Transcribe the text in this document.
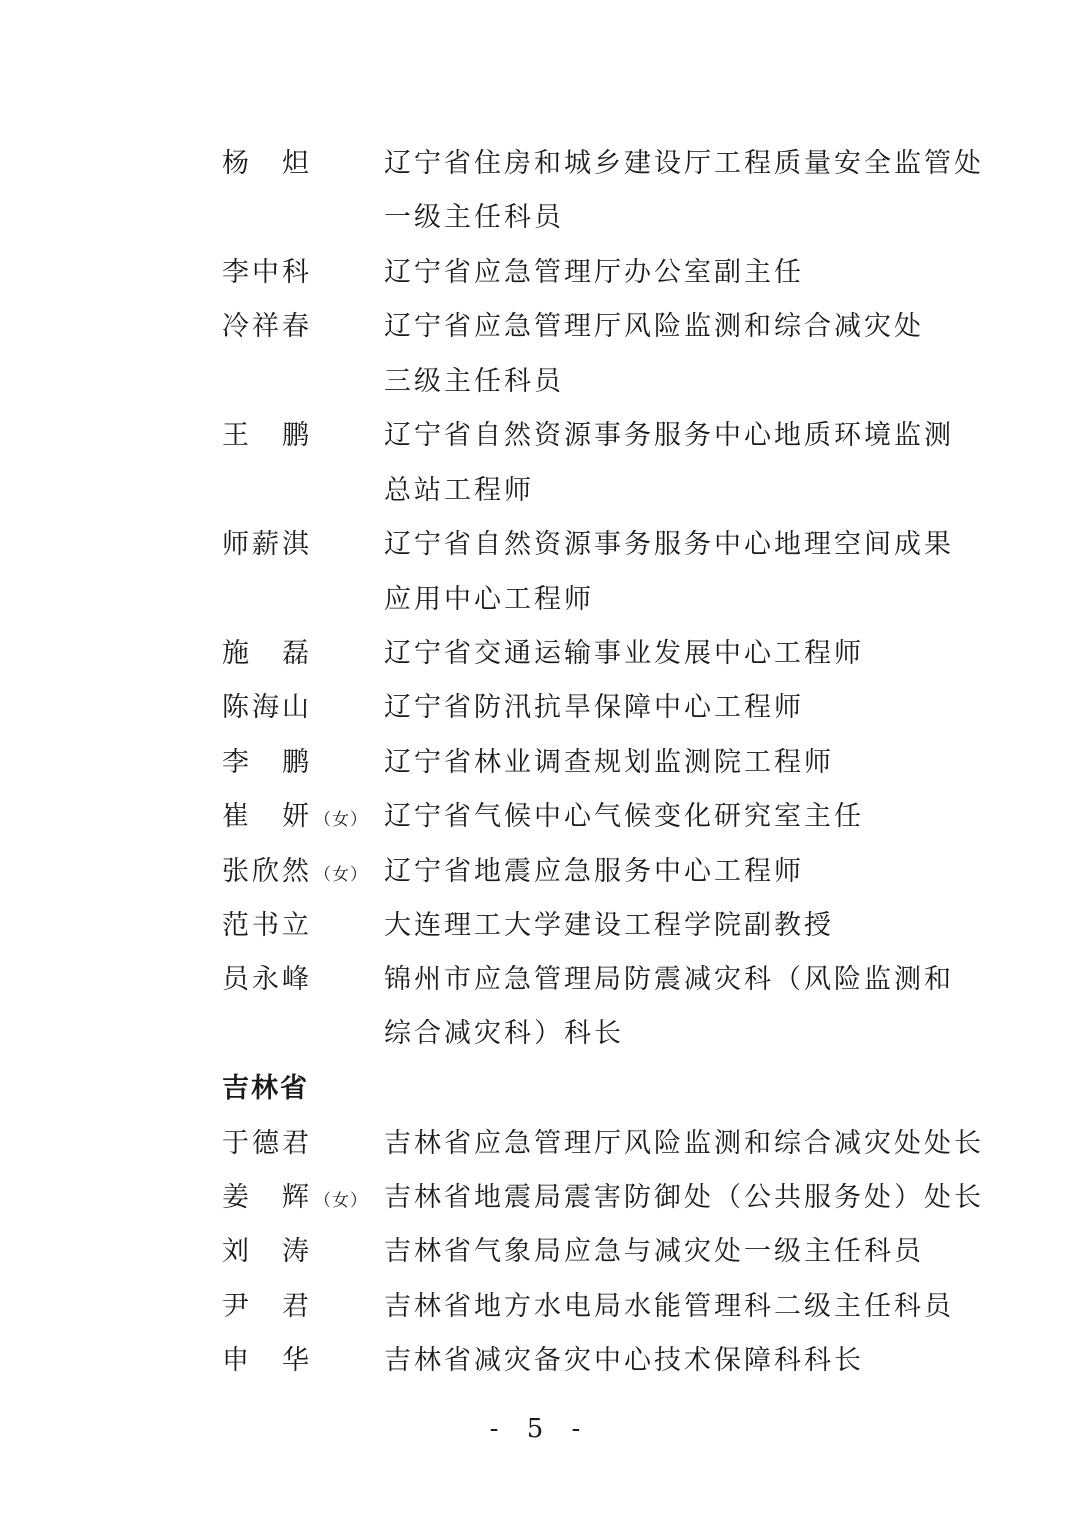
杨　炟	辽宁省住房和城乡建设厅工程质量安全监管处
一级主任科员
李中科	辽宁省应急管理厅办公室副主任
冷祥春	辽宁省应急管理厅风险监测和综合减灾处
三级主任科员
王　鹏	辽宁省自然资源事务服务中心地质环境监测
总站工程师
师薪淇	辽宁省自然资源事务服务中心地理空间成果
应用中心工程师
施　磊	辽宁省交通运输事业发展中心工程师
陈海山	辽宁省防汛抗旱保障中心工程师
李　鹏	辽宁省林业调查规划监测院工程师
崔　妍 （女） 辽宁省气候中心气候变化研究室主任
张欣然 （女） 辽宁省地震应急服务中心工程师
范书立	大连理工大学建设工程学院副教授
员永峰	锦州市应急管理局防震减灾科（风险监测和
综合减灾科）科长
吉林省
于德君	吉林省应急管理厅风险监测和综合减灾处处长
姜　辉 （女） 吉林省地震局震害防御处（公共服务处）处长
刘　涛	吉林省气象局应急与减灾处一级主任科员
尹　君	吉林省地方水电局水能管理科二级主任科员
申　华	吉林省减灾备灾中心技术保障科科长
- 5 -
